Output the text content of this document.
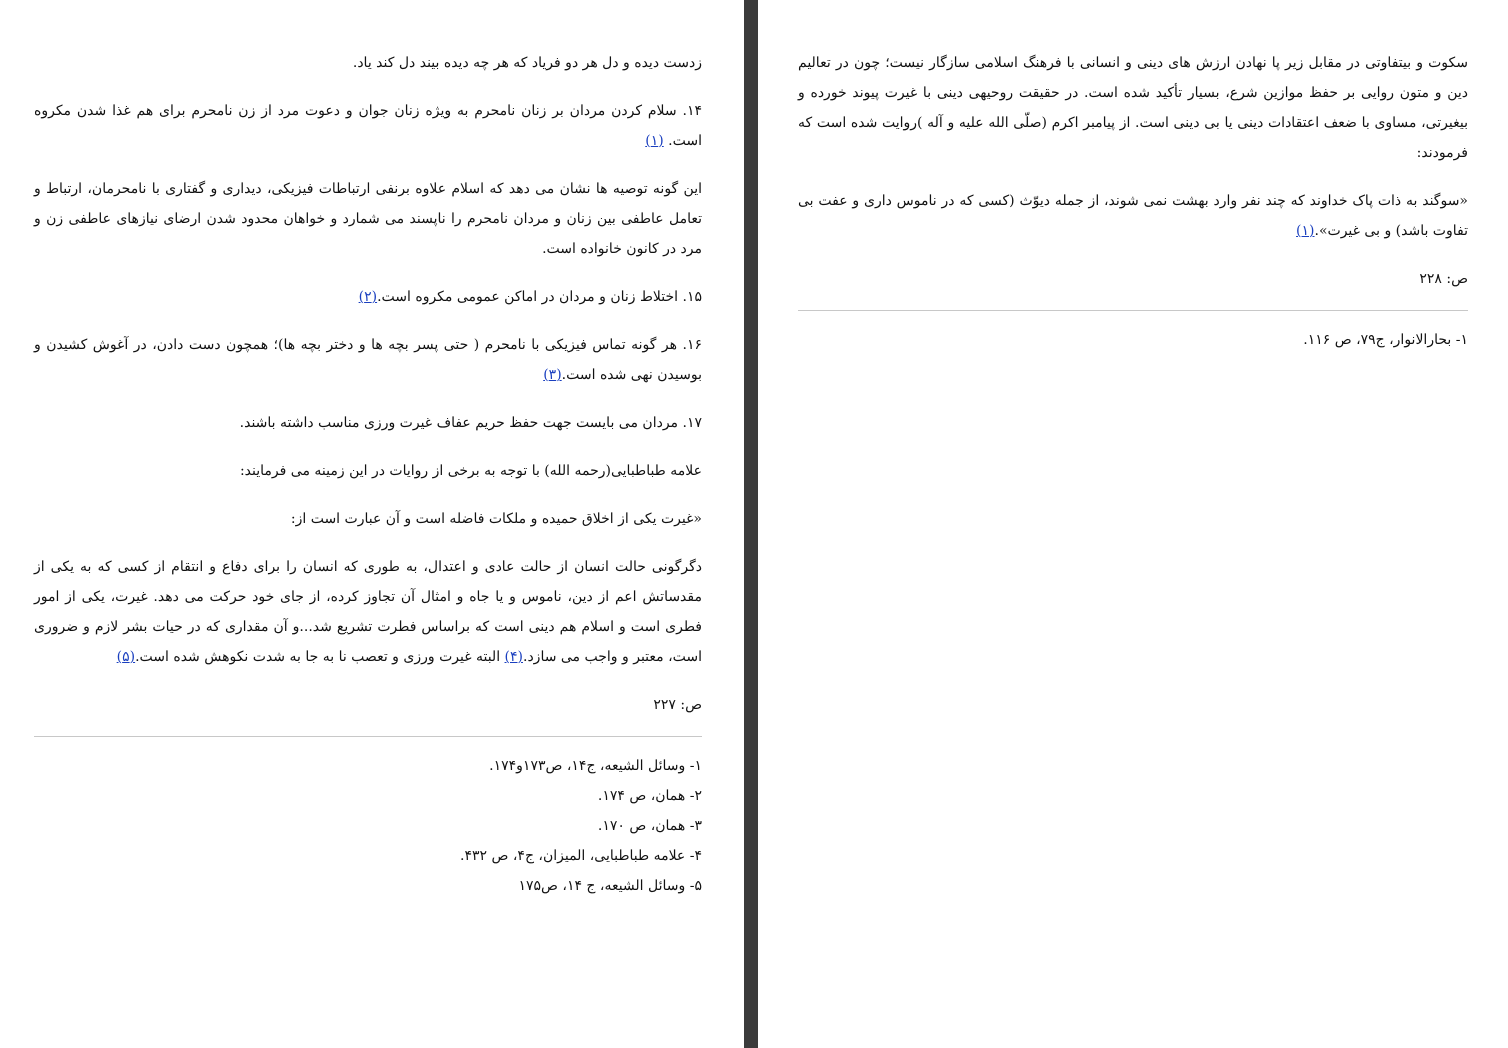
زدست دیده و دل هر دو فریاد که هر چه دیده بیند دل کند یاد.

۱۴. سلام کردن مردان بر زنان نامحرم به ویژه زنان جوان و دعوت مرد از زن نامحرم برای هم غذا شدن مکروه است. (۱)

این گونه توصیه ها نشان می دهد که اسلام علاوه برنفی ارتباطات فیزیکی، دیداری و گفتاری با نامحرمان، ارتباط و تعامل عاطفی بین زنان و مردان نامحرم را ناپسند می شمارد و خواهان محدود شدن ارضای نیازهای عاطفی زن و مرد در کانون خانواده است.

۱۵. اختلاط زنان و مردان در اماکن عمومی مکروه است.(۲)

۱۶. هر گونه تماس فیزیکی با نامحرم ( حتی پسر بچه ها و دختر بچه ها)؛ همچون دست دادن، در آغوش کشیدن و بوسیدن نهی شده است.(۳)

۱۷. مردان می بایست جهت حفظ حریم عفاف غیرت ورزی مناسب داشته باشند.

علامه طباطبایی(رحمه الله) با توجه به برخی از روایات در این زمینه می فرمایند:

«غیرت یکی از اخلاق حمیده و ملکات فاضله است و آن عبارت است از:

دگرگونی حالت انسان از حالت عادی و اعتدال، به طوری که انسان را برای دفاع و انتقام از کسی که به یکی از مقدساتش اعم از دین، ناموس و یا جاه و امثال آن تجاوز کرده، از جای خود حرکت می دهد. غیرت، یکی از امور فطری است و اسلام هم دینی است که براساس فطرت تشریع شد...و آن مقداری که در حیات بشر لازم و ضروری است، معتبر و واجب می سازد.(۴) البته غیرت ورزی و تعصب نا به جا به شدت نکوهش شده است.(۵)

ص: ۲۲۷
۱- وسائل الشیعه، ج۱۴، ص۱۷۳و۱۷۴.
۲- همان، ص ۱۷۴.
۳- همان، ص ۱۷۰.
۴- علامه طباطبایی، المیزان، ج۴، ص ۴۳۲.
۵- وسائل الشیعه، ج ۱۴، ص۱۷۵

سکوت و بیتفاوتی در مقابل زیر پا نهادن ارزش های دینی و انسانی با فرهنگ اسلامی سازگار نیست؛ چون در تعالیم دین و متون روایی بر حفظ موازین شرع، بسیار تأکید شده است. در حقیقت روحیهی دینی با غیرت پیوند خورده و بیغیرتی، مساوی با ضعف اعتقادات دینی یا بی دینی است. از پیامبر اکرم (صلّی الله علیه و آله )روایت شده است که فرمودند:

«سوگند به ذات پاک خداوند که چند نفر وارد بهشت نمی شوند، از جمله دیوّث (کسی که در ناموس داری و عفت بی تفاوت باشد) و بی غیرت».(۱)

ص: ۲۲۸
۱- بحارالانوار، ج۷۹، ص ۱۱۶.
